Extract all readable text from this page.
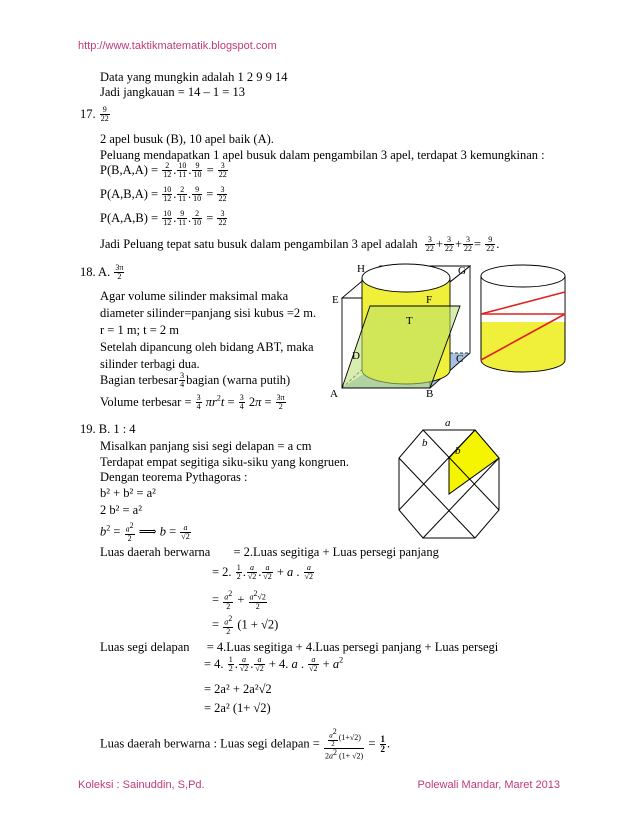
http://www.taktikmatematik.blogspot.com
Data yang mungkin adalah 1 2 9 9 14
Jadi jangkauan = 14 – 1 = 13
17. $\frac{9}{22}$
2 apel busuk (B), 10 apel baik (A).
Peluang mendapatkan 1 apel busuk dalam pengambilan 3 apel, terdapat 3 kemungkinan :
$P(B,A,A) = \frac{2}{12}$ . $\frac{10}{11}$ . $\frac{9}{10} = \frac{3}{22}$
$P(A,B,A) = \frac{10}{12}$ . $\frac{2}{11}$ . $\frac{9}{10} = \frac{3}{22}$
$P(A,A,B) = \frac{10}{12}$ . $\frac{9}{11}$ . $\frac{2}{10} = \frac{3}{22}$
Jadi Peluang tepat satu busuk dalam pengambilan 3 apel adalah $\frac{3}{22} + \frac{3}{22} + \frac{3}{22} = \frac{9}{22}$ .
18. A. $\frac{3\pi}{2}$
Agar volume silinder maksimal maka
diameter silinder=panjang sisi kubus =2 m.
r = 1 m; t = 2 m
Setelah dipancung oleh bidang ABT, maka
silinder terbagi dua.
Bagian terbesar $\frac{3}{4}$ bagian (warna putih)
Volume terbesar = $\frac{3}{4} \pi r^2t = \frac{3}{4} 2\pi = \frac{3\pi}{2}$
H	G
E	F
T
D	C
A	B
19. B. 1 : 4
Misalkan panjang sisi segi delapan = a cm
Terdapat empat segitiga siku-siku yang kongruen.
Dengan teorema Pythagoras :
b² + b² = a²
2 b² = a²
$b^2 = \frac{a^2}{2}$ ⟹ $b = \frac{a}{√2}$
a
b
b
Luas daerah berwarna = 2.Luas segitiga + Luas persegi panjang
= 2. $\frac{1}{2}$ . $\frac{a}{√2}$ . $\frac{a}{√2} + a$ . $\frac{a}{√2}$
= $\frac{a^2}{2} + \frac{a^2√2}{2}$
= $\frac{a^2}{2} (1 + √2)$
Luas segi delapan = 4.Luas segitiga + 4.Luas persegi panjang + Luas persegi
= 4. $\frac{1}{2}$ . $\frac{a}{√2}$ . $\frac{a}{√2} + 4$. a . $\frac{a}{√2} + a^2$
= 2a² + 2a²√2
= 2a² (1+ √2)
Luas daerah berwarna : Luas segi delapan = $\frac{\frac{a^2}{2} (1+√2)}{2a^2 (1+ √2)} = \frac{1}{2}$ .
Koleksi : Sainuddin, S,Pd.	Polewali Mandar, Maret 2013
